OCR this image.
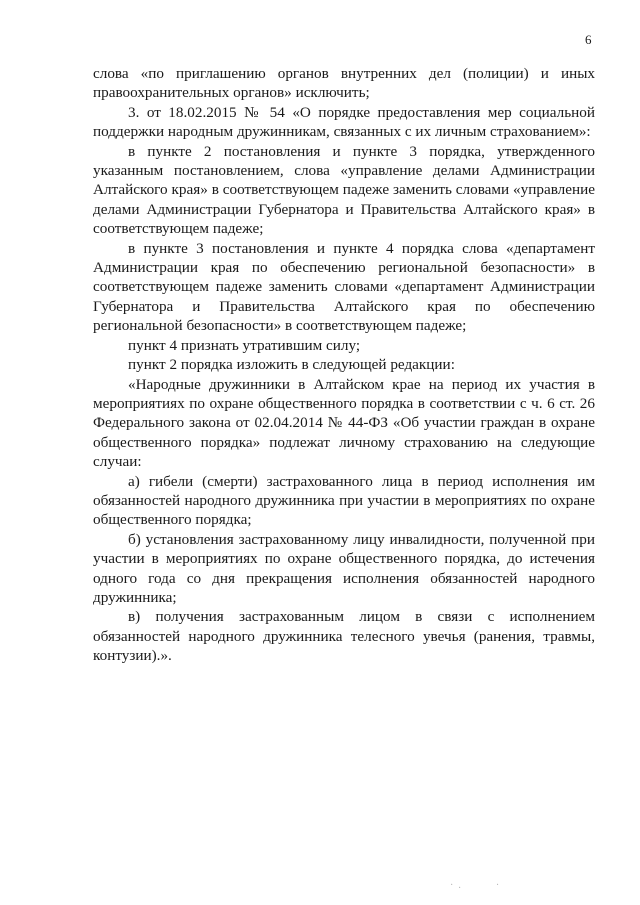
6

слова «по приглашению органов внутренних дел (полиции) и иных правоохранительных органов» исключить;

3. от 18.02.2015 № 54 «О порядке предоставления мер социальной поддержки народным дружинникам, связанных с их личным страхованием»:

в пункте 2 постановления и пункте 3 порядка, утвержденного указанным постановлением, слова «управление делами Администрации Алтайского края» в соответствующем падеже заменить словами «управление делами Администрации Губернатора и Правительства Алтайского края» в соответствующем падеже;

в пункте 3 постановления и пункте 4 порядка слова «департамент Администрации края по обеспечению региональной безопасности» в соответствующем падеже заменить словами «департамент Администрации Губернатора и Правительства Алтайского края по обеспечению региональной безопасности» в соответствующем падеже;

пункт 4 признать утратившим силу;

пункт 2 порядка изложить в следующей редакции:

«Народные дружинники в Алтайском крае на период их участия в мероприятиях по охране общественного порядка в соответствии с ч. 6 ст. 26 Федерального закона от 02.04.2014 № 44-ФЗ «Об участии граждан в охране общественного порядка» подлежат личному страхованию на следующие случаи:

а) гибели (смерти) застрахованного лица в период исполнения им обязанностей народного дружинника при участии в мероприятиях по охране общественного порядка;

б) установления застрахованному лицу инвалидности, полученной при участии в мероприятиях по охране общественного порядка, до истечения одного года со дня прекращения исполнения обязанностей народного дружинника;

в) получения застрахованным лицом в связи с исполнением обязанностей народного дружинника телесного увечья (ранения, травмы, контузии).».

·  .              ·
